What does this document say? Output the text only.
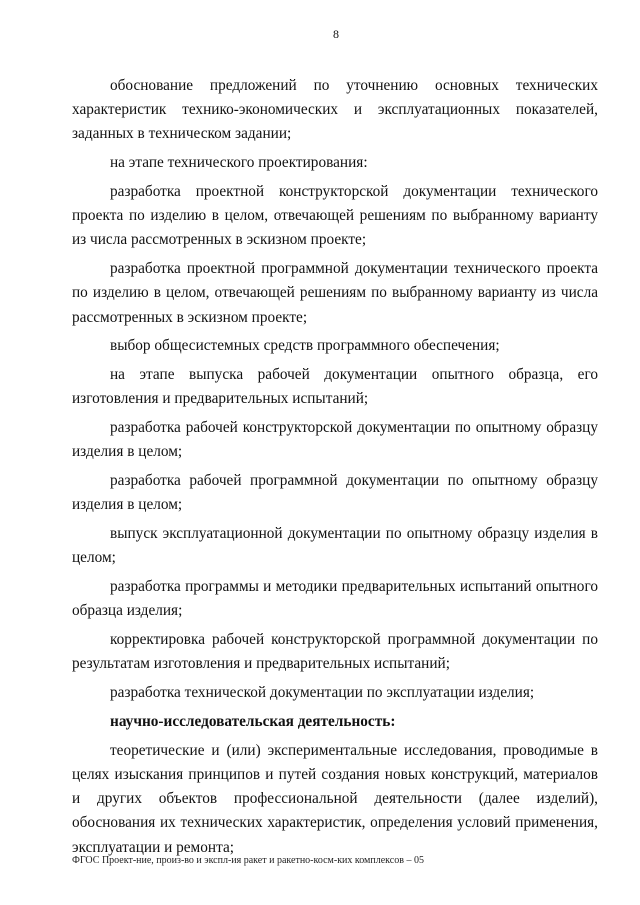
8

обоснование предложений по уточнению основных технических характеристик технико-экономических и эксплуатационных показателей, заданных в техническом задании;

на этапе технического проектирования:

разработка проектной конструкторской документации технического проекта по изделию в целом, отвечающей решениям по выбранному варианту из числа рассмотренных в эскизном проекте;

разработка проектной программной документации технического проекта по изделию в целом, отвечающей решениям по выбранному варианту из числа рассмотренных в эскизном проекте;

выбор общесистемных средств программного обеспечения;

на этапе выпуска рабочей документации опытного образца, его изготовления и предварительных испытаний;

разработка рабочей конструкторской документации по опытному образцу изделия в целом;

разработка рабочей программной документации по опытному образцу изделия в целом;

выпуск эксплуатационной документации по опытному образцу изделия в целом;

разработка программы и методики предварительных испытаний опытного образца изделия;

корректировка рабочей конструкторской программной документации по результатам изготовления и предварительных испытаний;

разработка технической документации по эксплуатации изделия;

научно-исследовательская деятельность:

теоретические и (или) экспериментальные исследования, проводимые в целях изыскания принципов и путей создания новых конструкций, материалов и других объектов профессиональной деятельности (далее изделий), обоснования их технических характеристик, определения условий применения, эксплуатации и ремонта;

ФГОС Проект-ние, произ-во и экспл-ия ракет и ракетно-косм-ких комплексов – 05
